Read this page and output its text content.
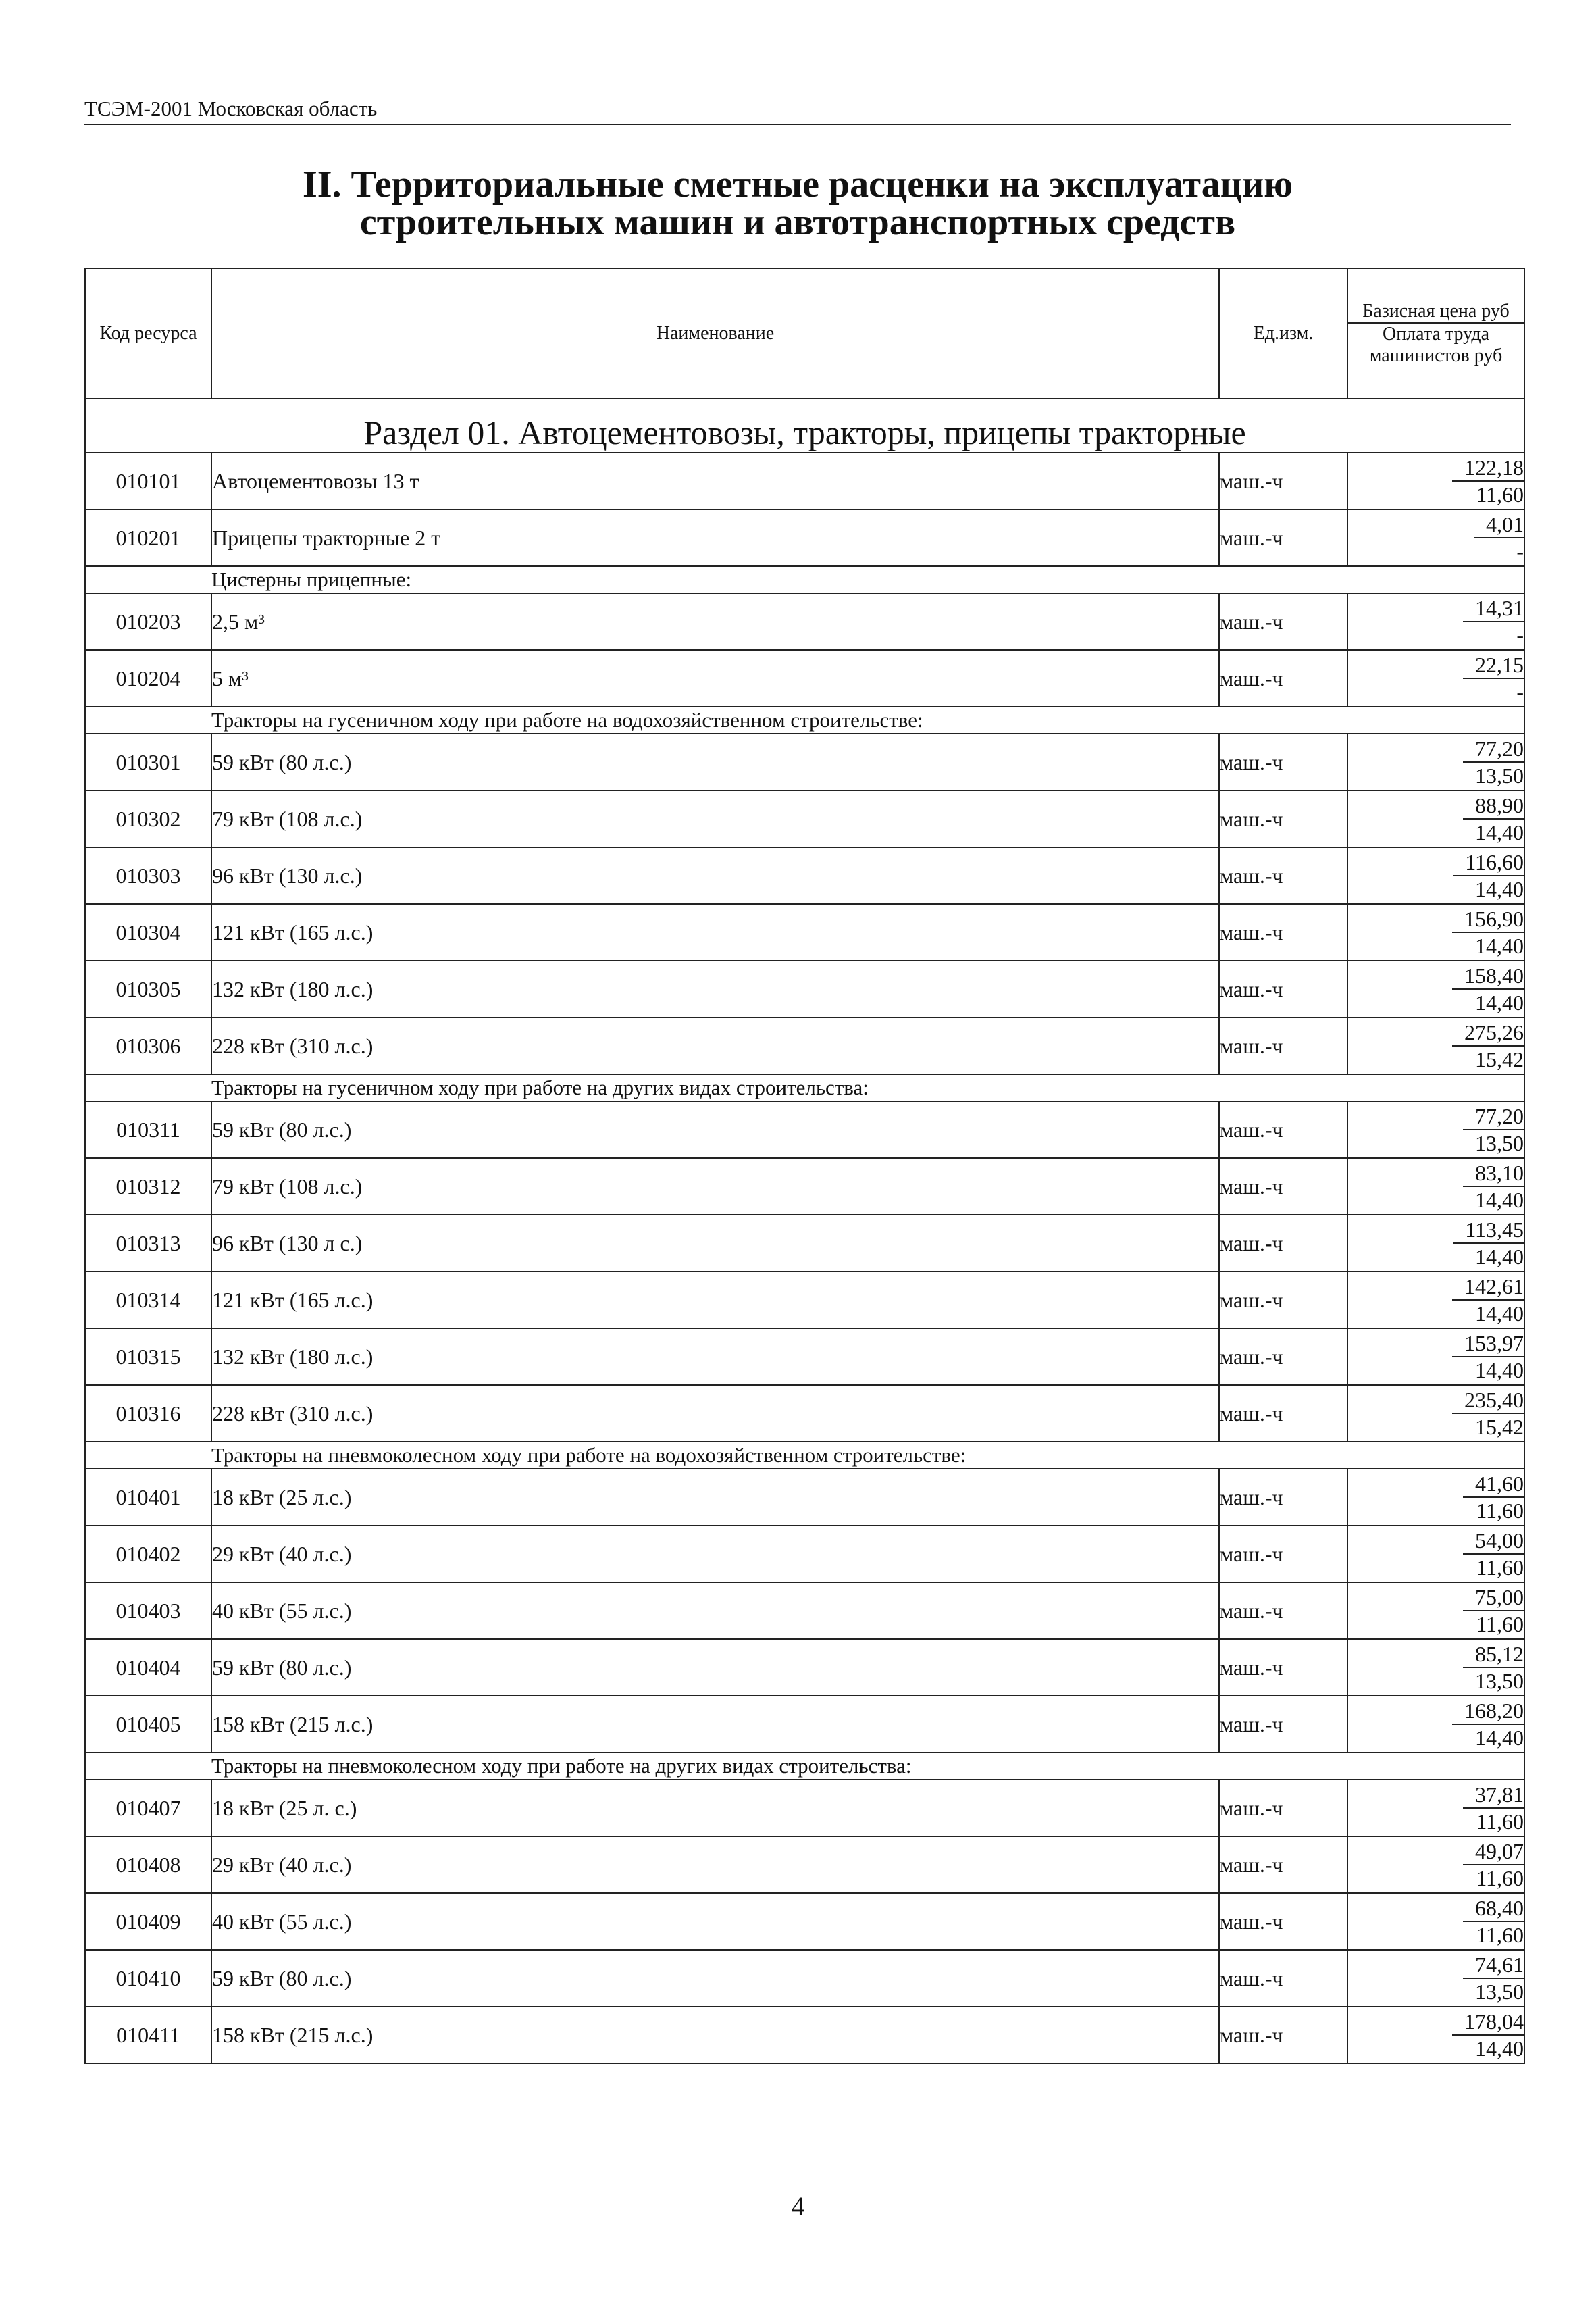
ТСЭМ-2001 Московская область
II. Территориальные сметные расценки на эксплуатацию
строительных машин и автотранспортных средств
Код ресурса	Наименование	Ед.изм.	$\frac{\text{Базисная цена руб}}{\text{Оплата труда машинистов руб}}$

Раздел 01. Автоцементовозы, тракторы, прицепы тракторные			
010101	Автоцементовозы 13 т	маш.-ч	$\frac{122,18}{11,60}$

010201	Прицепы тракторные 2 т	маш.-ч	$\frac{4,01}{-}$

	Цистерны прицепные:		
010203	2,5 м³	маш.-ч	$\frac{14,31}{-}$

010204	5 м³	маш.-ч	$\frac{22,15}{-}$

	Тракторы на гусеничном ходу при работе на водохозяйственном строительстве:		
010301	59 кВт (80 л.с.)	маш.-ч	$\frac{77,20}{13,50}$

010302	79 кВт (108 л.с.)	маш.-ч	$\frac{88,90}{14,40}$

010303	96 кВт (130 л.с.)	маш.-ч	$\frac{116,60}{14,40}$

010304	121 кВт (165 л.с.)	маш.-ч	$\frac{156,90}{14,40}$

010305	132 кВт (180 л.с.)	маш.-ч	$\frac{158,40}{14,40}$

010306	228 кВт (310 л.с.)	маш.-ч	$\frac{275,26}{15,42}$

	Тракторы на гусеничном ходу при работе на других видах строительства:		
010311	59 кВт (80 л.с.)	маш.-ч	$\frac{77,20}{13,50}$

010312	79 кВт (108 л.с.)	маш.-ч	$\frac{83,10}{14,40}$

010313	96 кВт (130 л с.)	маш.-ч	$\frac{113,45}{14,40}$

010314	121 кВт (165 л.с.)	маш.-ч	$\frac{142,61}{14,40}$

010315	132 кВт (180 л.с.)	маш.-ч	$\frac{153,97}{14,40}$

010316	228 кВт (310 л.с.)	маш.-ч	$\frac{235,40}{15,42}$

	Тракторы на пневмоколесном ходу при работе на водохозяйственном строительстве:		
010401	18 кВт (25 л.с.)	маш.-ч	$\frac{41,60}{11,60}$

010402	29 кВт (40 л.с.)	маш.-ч	$\frac{54,00}{11,60}$

010403	40 кВт (55 л.с.)	маш.-ч	$\frac{75,00}{11,60}$

010404	59 кВт (80 л.с.)	маш.-ч	$\frac{85,12}{13,50}$

010405	158 кВт (215 л.с.)	маш.-ч	$\frac{168,20}{14,40}$

	Тракторы на пневмоколесном ходу при работе на других видах строительства:		
010407	18 кВт (25 л. с.)	маш.-ч	$\frac{37,81}{11,60}$

010408	29 кВт (40 л.с.)	маш.-ч	$\frac{49,07}{11,60}$

010409	40 кВт (55 л.с.)	маш.-ч	$\frac{68,40}{11,60}$

010410	59 кВт (80 л.с.)	маш.-ч	$\frac{74,61}{13,50}$

010411	158 кВт (215 л.с.)	маш.-ч	$\frac{178,04}{14,40}$
4
